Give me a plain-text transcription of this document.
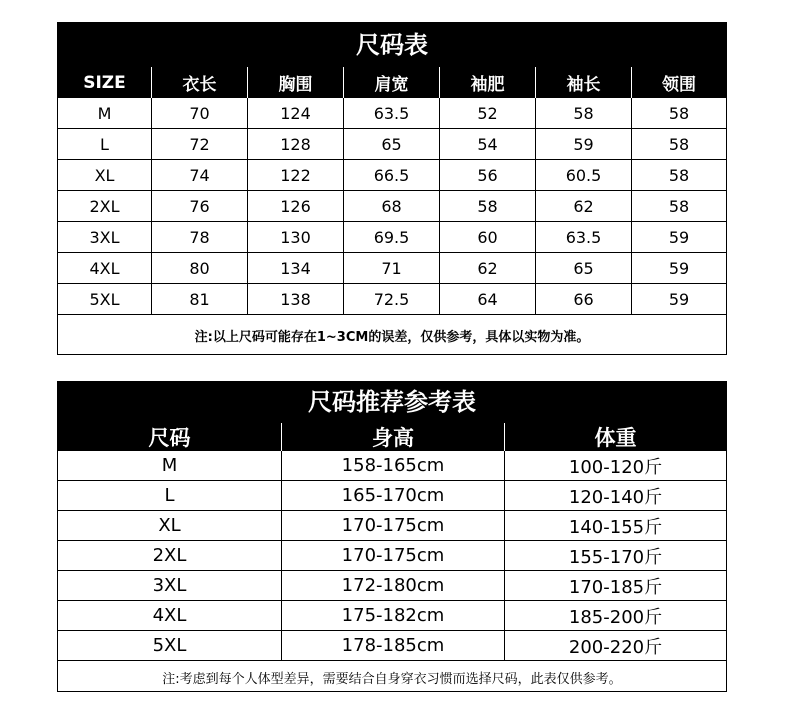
尺码表
SIZE	衣长	胸围	肩宽	袖肥	袖长	领围
M	70	124	63.5	52	58	58
L	72	128	65	54	59	58
XL	74	122	66.5	56	60.5	58
2XL	76	126	68	58	62	58
3XL	78	130	69.5	60	63.5	59
4XL	80	134	71	62	65	59
5XL	81	138	72.5	64	66	59
注:以上尺码可能存在1~3CM的误差，仅供参考，具体以实物为准。
尺码推荐参考表
尺码	身高	体重
M	158-165cm	100-120斤
L	165-170cm	120-140斤
XL	170-175cm	140-155斤
2XL	170-175cm	155-170斤
3XL	172-180cm	170-185斤
4XL	175-182cm	185-200斤
5XL	178-185cm	200-220斤
注:考虑到每个人体型差异，需要结合自身穿衣习惯而选择尺码，此表仅供参考。
